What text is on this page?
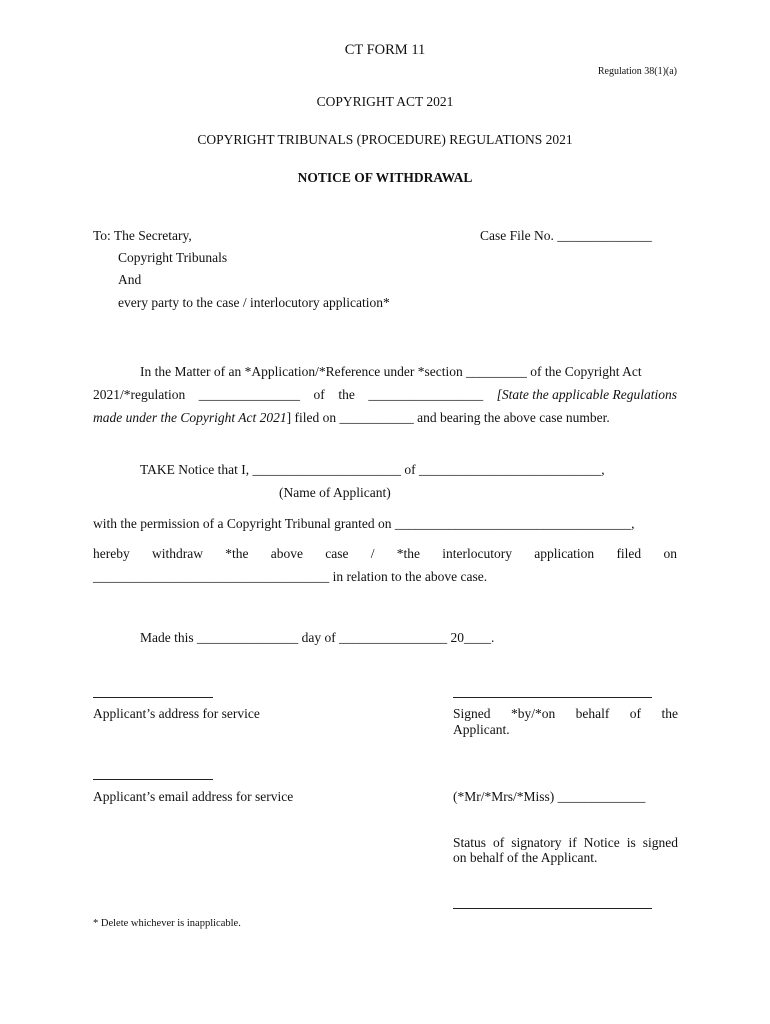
CT FORM 11
Regulation 38(1)(a)
COPYRIGHT ACT 2021
COPYRIGHT TRIBUNALS (PROCEDURE) REGULATIONS 2021
NOTICE OF WITHDRAWAL
To: The Secretary,	Case File No. ______________
Copyright Tribunals
And
every party to the case / interlocutory application*
In the Matter of an *Application/*Reference under *section _________ of the Copyright Act
2021/*regulation _______________ of the _________________ [State the applicable Regulations
made under the Copyright Act 2021] filed on ___________ and bearing the above case number.
TAKE Notice that I, ______________________ of ___________________________,
(Name of Applicant)
with the permission of a Copyright Tribunal granted on ___________________________________,
hereby withdraw *the above case / *the interlocutory application filed on
___________________________________ in relation to the above case.
Made this _______________ day of ________________ 20____.
Applicant’s address for service	Signed *by/*on behalf of the
Applicant.
Applicant’s email address for service	(*Mr/*Mrs/*Miss) _____________
Status of signatory if Notice is signed
on behalf of the Applicant.
* Delete whichever is inapplicable.
